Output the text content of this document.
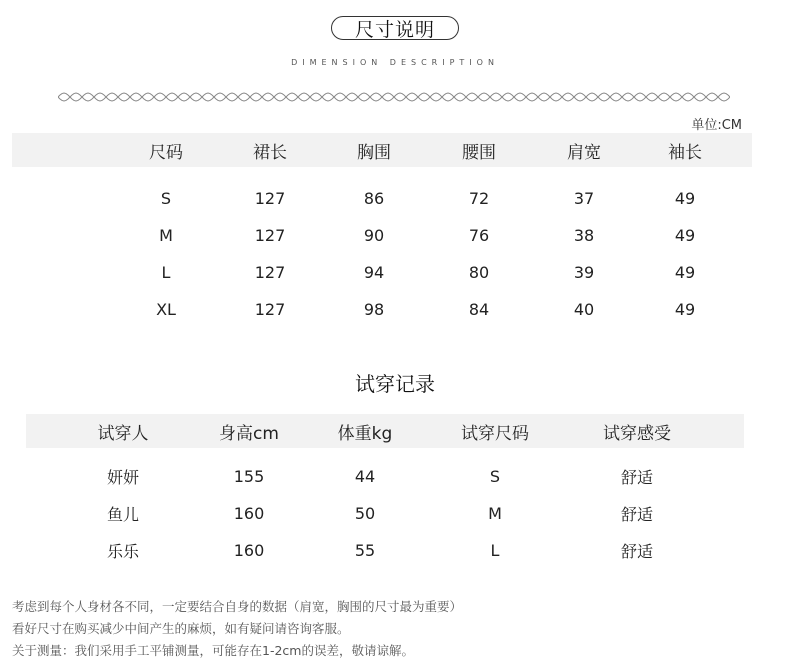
尺寸说明
DIMENSION DESCRIPTION
单位:CM
尺码	裙长	胸围	腰围	肩宽	袖长
S	127	86	72	37	49
M	127	90	76	38	49
L	127	94	80	39	49
XL	127	98	84	40	49
试穿记录
试穿人	身高cm	体重kg	试穿尺码	试穿感受
妍妍	155	44	S	舒适
鱼儿	160	50	M	舒适
乐乐	160	55	L	舒适
考虑到每个人身材各不同，一定要结合自身的数据（肩宽，胸围的尺寸最为重要）
看好尺寸在购买减少中间产生的麻烦，如有疑问请咨询客服。
关于测量：我们采用手工平铺测量，可能存在1-2cm的误差，敬请谅解。
